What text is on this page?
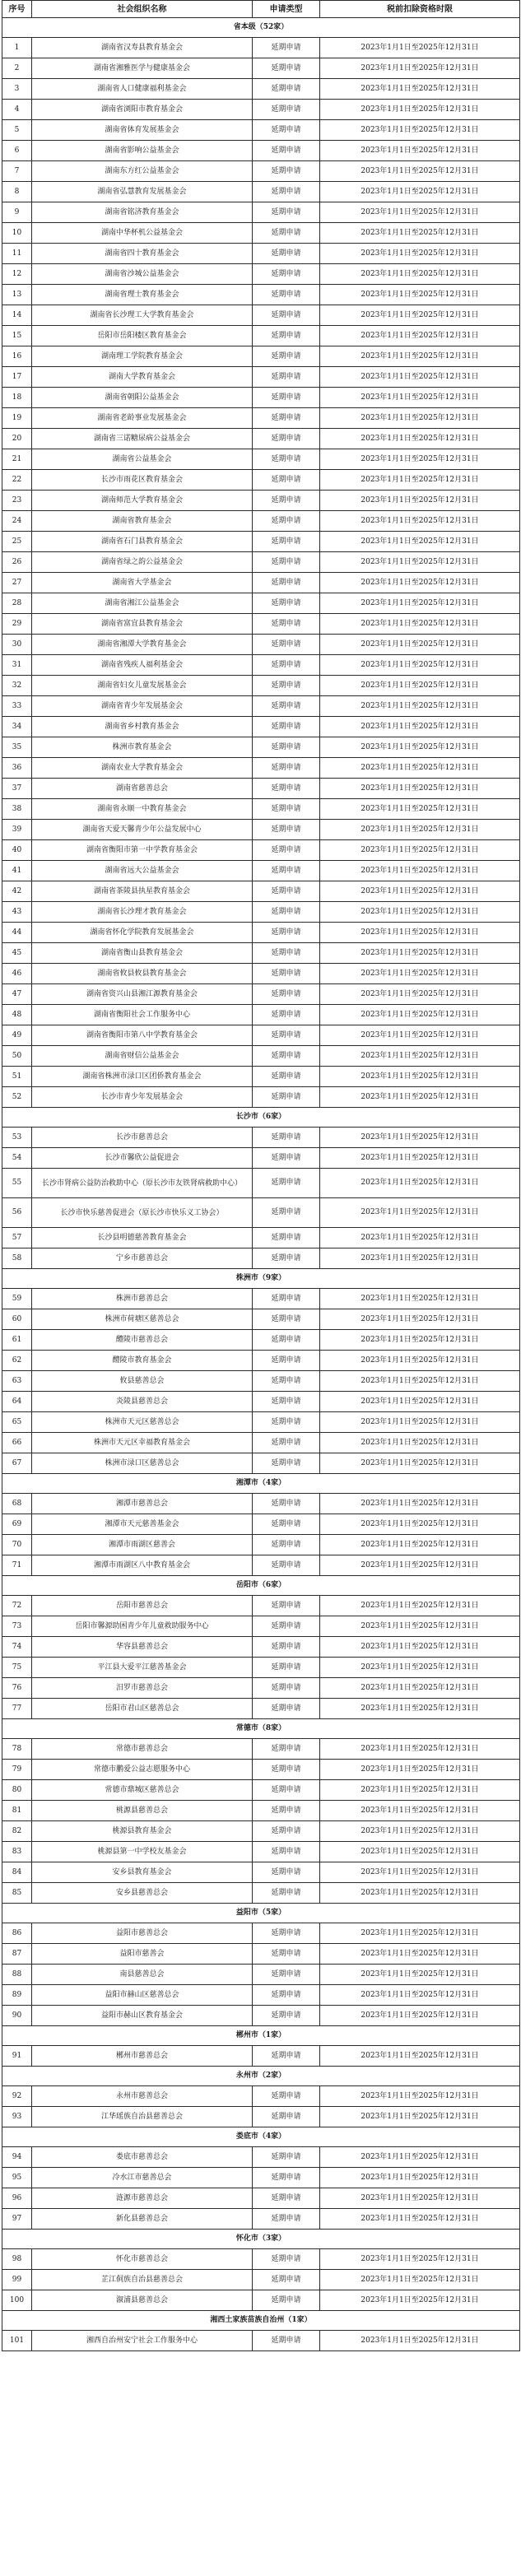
序号	社会组织名称	申请类型	税前扣除资格时限
省本级（52家）			
1	湖南省汉寿县教育基金会	延期申请	2023年1月1日至2025年12月31日
2	湖南省湘雅医学与健康基金会	延期申请	2023年1月1日至2025年12月31日
3	湖南省人口健康福利基金会	延期申请	2023年1月1日至2025年12月31日
4	湖南省浏阳市教育基金会	延期申请	2023年1月1日至2025年12月31日
5	湖南省体育发展基金会	延期申请	2023年1月1日至2025年12月31日
6	湖南省影响公益基金会	延期申请	2023年1月1日至2025年12月31日
7	湖南东方红公益基金会	延期申请	2023年1月1日至2025年12月31日
8	湖南省弘慧教育发展基金会	延期申请	2023年1月1日至2025年12月31日
9	湖南省铭济教育基金会	延期申请	2023年1月1日至2025年12月31日
10	湖南中华杯机公益基金会	延期申请	2023年1月1日至2025年12月31日
11	湖南省四十教育基金会	延期申请	2023年1月1日至2025年12月31日
12	湖南省沙城公益基金会	延期申请	2023年1月1日至2025年12月31日
13	湖南省理士教育基金会	延期申请	2023年1月1日至2025年12月31日
14	湖南省长沙理工大学教育基金会	延期申请	2023年1月1日至2025年12月31日
15	岳阳市岳阳楼区教育基金会	延期申请	2023年1月1日至2025年12月31日
16	湖南理工学院教育基金会	延期申请	2023年1月1日至2025年12月31日
17	湖南大学教育基金会	延期申请	2023年1月1日至2025年12月31日
18	湖南省朝阳公益基金会	延期申请	2023年1月1日至2025年12月31日
19	湖南省老龄事业发展基金会	延期申请	2023年1月1日至2025年12月31日
20	湖南省三诺糖尿病公益基金会	延期申请	2023年1月1日至2025年12月31日
21	湖南省公益基金会	延期申请	2023年1月1日至2025年12月31日
22	长沙市雨花区教育基金会	延期申请	2023年1月1日至2025年12月31日
23	湖南师范大学教育基金会	延期申请	2023年1月1日至2025年12月31日
24	湖南省教育基金会	延期申请	2023年1月1日至2025年12月31日
25	湖南省石门县教育基金会	延期申请	2023年1月1日至2025年12月31日
26	湖南省绿之韵公益基金会	延期申请	2023年1月1日至2025年12月31日
27	湖南省大学基金会	延期申请	2023年1月1日至2025年12月31日
28	湖南省湘江公益基金会	延期申请	2023年1月1日至2025年12月31日
29	湖南省富宜县教育基金会	延期申请	2023年1月1日至2025年12月31日
30	湖南省湘潭大学教育基金会	延期申请	2023年1月1日至2025年12月31日
31	湖南省残疾人福利基金会	延期申请	2023年1月1日至2025年12月31日
32	湖南省妇女儿童发展基金会	延期申请	2023年1月1日至2025年12月31日
33	湖南省青少年发展基金会	延期申请	2023年1月1日至2025年12月31日
34	湖南省乡村教育基金会	延期申请	2023年1月1日至2025年12月31日
35	株洲市教育基金会	延期申请	2023年1月1日至2025年12月31日
36	湖南农业大学教育基金会	延期申请	2023年1月1日至2025年12月31日
37	湖南省慈善总会	延期申请	2023年1月1日至2025年12月31日
38	湖南省永顺一中教育基金会	延期申请	2023年1月1日至2025年12月31日
39	湖南省天爱天馨青少年公益发展中心	延期申请	2023年1月1日至2025年12月31日
40	湖南省衡阳市第一中学教育基金会	延期申请	2023年1月1日至2025年12月31日
41	湖南省远大公益基金会	延期申请	2023年1月1日至2025年12月31日
42	湖南省茶陵县执星教育基金会	延期申请	2023年1月1日至2025年12月31日
43	湖南省长沙理才教育基金会	延期申请	2023年1月1日至2025年12月31日
44	湖南省怀化学院教育发展基金会	延期申请	2023年1月1日至2025年12月31日
45	湖南省衡山县教育基金会	延期申请	2023年1月1日至2025年12月31日
46	湖南省攸县攸县教育基金会	延期申请	2023年1月1日至2025年12月31日
47	湖南省资兴山县湘江源教育基金会	延期申请	2023年1月1日至2025年12月31日
48	湖南省衡阳社会工作服务中心	延期申请	2023年1月1日至2025年12月31日
49	湖南省衡阳市第八中学教育基金会	延期申请	2023年1月1日至2025年12月31日
50	湖南省财信公益基金会	延期申请	2023年1月1日至2025年12月31日
51	湖南省株洲市渌口区团侨教育基金会	延期申请	2023年1月1日至2025年12月31日
52	长沙市青少年发展基金会	延期申请	2023年1月1日至2025年12月31日
长沙市（6家）			
53	长沙市慈善总会	延期申请	2023年1月1日至2025年12月31日
54	长沙市馨欣公益促进会	延期申请	2023年1月1日至2025年12月31日
55	长沙市肾病公益防治救助中心（原长沙市友铁肾病救助中心）	延期申请	2023年1月1日至2025年12月31日
56	长沙市快乐慈善促进会（原长沙市快乐义工协会）	延期申请	2023年1月1日至2025年12月31日
57	长沙县明德慈善教育基金会	延期申请	2023年1月1日至2025年12月31日
58	宁乡市慈善总会	延期申请	2023年1月1日至2025年12月31日
株洲市（9家）			
59	株洲市慈善总会	延期申请	2023年1月1日至2025年12月31日
60	株洲市荷塘区慈善总会	延期申请	2023年1月1日至2025年12月31日
61	醴陵市慈善总会	延期申请	2023年1月1日至2025年12月31日
62	醴陵市教育基金会	延期申请	2023年1月1日至2025年12月31日
63	攸县慈善总会	延期申请	2023年1月1日至2025年12月31日
64	炎陵县慈善总会	延期申请	2023年1月1日至2025年12月31日
65	株洲市天元区慈善总会	延期申请	2023年1月1日至2025年12月31日
66	株洲市天元区幸福教育基金会	延期申请	2023年1月1日至2025年12月31日
67	株洲市渌口区慈善总会	延期申请	2023年1月1日至2025年12月31日
湘潭市（4家）			
68	湘潭市慈善总会	延期申请	2023年1月1日至2025年12月31日
69	湘潭市天元慈善基金会	延期申请	2023年1月1日至2025年12月31日
70	湘潭市雨湖区慈善会	延期申请	2023年1月1日至2025年12月31日
71	湘潭市雨湖区八中教育基金会	延期申请	2023年1月1日至2025年12月31日
岳阳市（6家）			
72	岳阳市慈善总会	延期申请	2023年1月1日至2025年12月31日
73	岳阳市馨源助困青少年儿童救助服务中心	延期申请	2023年1月1日至2025年12月31日
74	华容县慈善总会	延期申请	2023年1月1日至2025年12月31日
75	平江县大爱平江慈善基金会	延期申请	2023年1月1日至2025年12月31日
76	汨罗市慈善总会	延期申请	2023年1月1日至2025年12月31日
77	岳阳市君山区慈善总会	延期申请	2023年1月1日至2025年12月31日
常德市（8家）			
78	常德市慈善总会	延期申请	2023年1月1日至2025年12月31日
79	常德市鹏爱公益志愿服务中心	延期申请	2023年1月1日至2025年12月31日
80	常德市鼎城区慈善总会	延期申请	2023年1月1日至2025年12月31日
81	桃源县慈善总会	延期申请	2023年1月1日至2025年12月31日
82	桃源县教育基金会	延期申请	2023年1月1日至2025年12月31日
83	桃源县第一中学校友基金会	延期申请	2023年1月1日至2025年12月31日
84	安乡县教育基金会	延期申请	2023年1月1日至2025年12月31日
85	安乡县慈善总会	延期申请	2023年1月1日至2025年12月31日
益阳市（5家）			
86	益阳市慈善总会	延期申请	2023年1月1日至2025年12月31日
87	益阳市慈善会	延期申请	2023年1月1日至2025年12月31日
88	南县慈善总会	延期申请	2023年1月1日至2025年12月31日
89	益阳市赫山区慈善总会	延期申请	2023年1月1日至2025年12月31日
90	益阳市赫山区教育基金会	延期申请	2023年1月1日至2025年12月31日
郴州市（1家）			
91	郴州市慈善总会	延期申请	2023年1月1日至2025年12月31日
永州市（2家）			
92	永州市慈善总会	延期申请	2023年1月1日至2025年12月31日
93	江华瑶族自治县慈善总会	延期申请	2023年1月1日至2025年12月31日
娄底市（4家）			
94	娄底市慈善总会	延期申请	2023年1月1日至2025年12月31日
95	冷水江市慈善总会	延期申请	2023年1月1日至2025年12月31日
96	涟源市慈善总会	延期申请	2023年1月1日至2025年12月31日
97	新化县慈善总会	延期申请	2023年1月1日至2025年12月31日
怀化市（3家）			
98	怀化市慈善总会	延期申请	2023年1月1日至2025年12月31日
99	芷江侗族自治县慈善总会	延期申请	2023年1月1日至2025年12月31日
100	溆浦县慈善总会	延期申请	2023年1月1日至2025年12月31日
湘西土家族苗族自治州（1家）			
101	湘西自治州安宁社会工作服务中心	延期申请	2023年1月1日至2025年12月31日
